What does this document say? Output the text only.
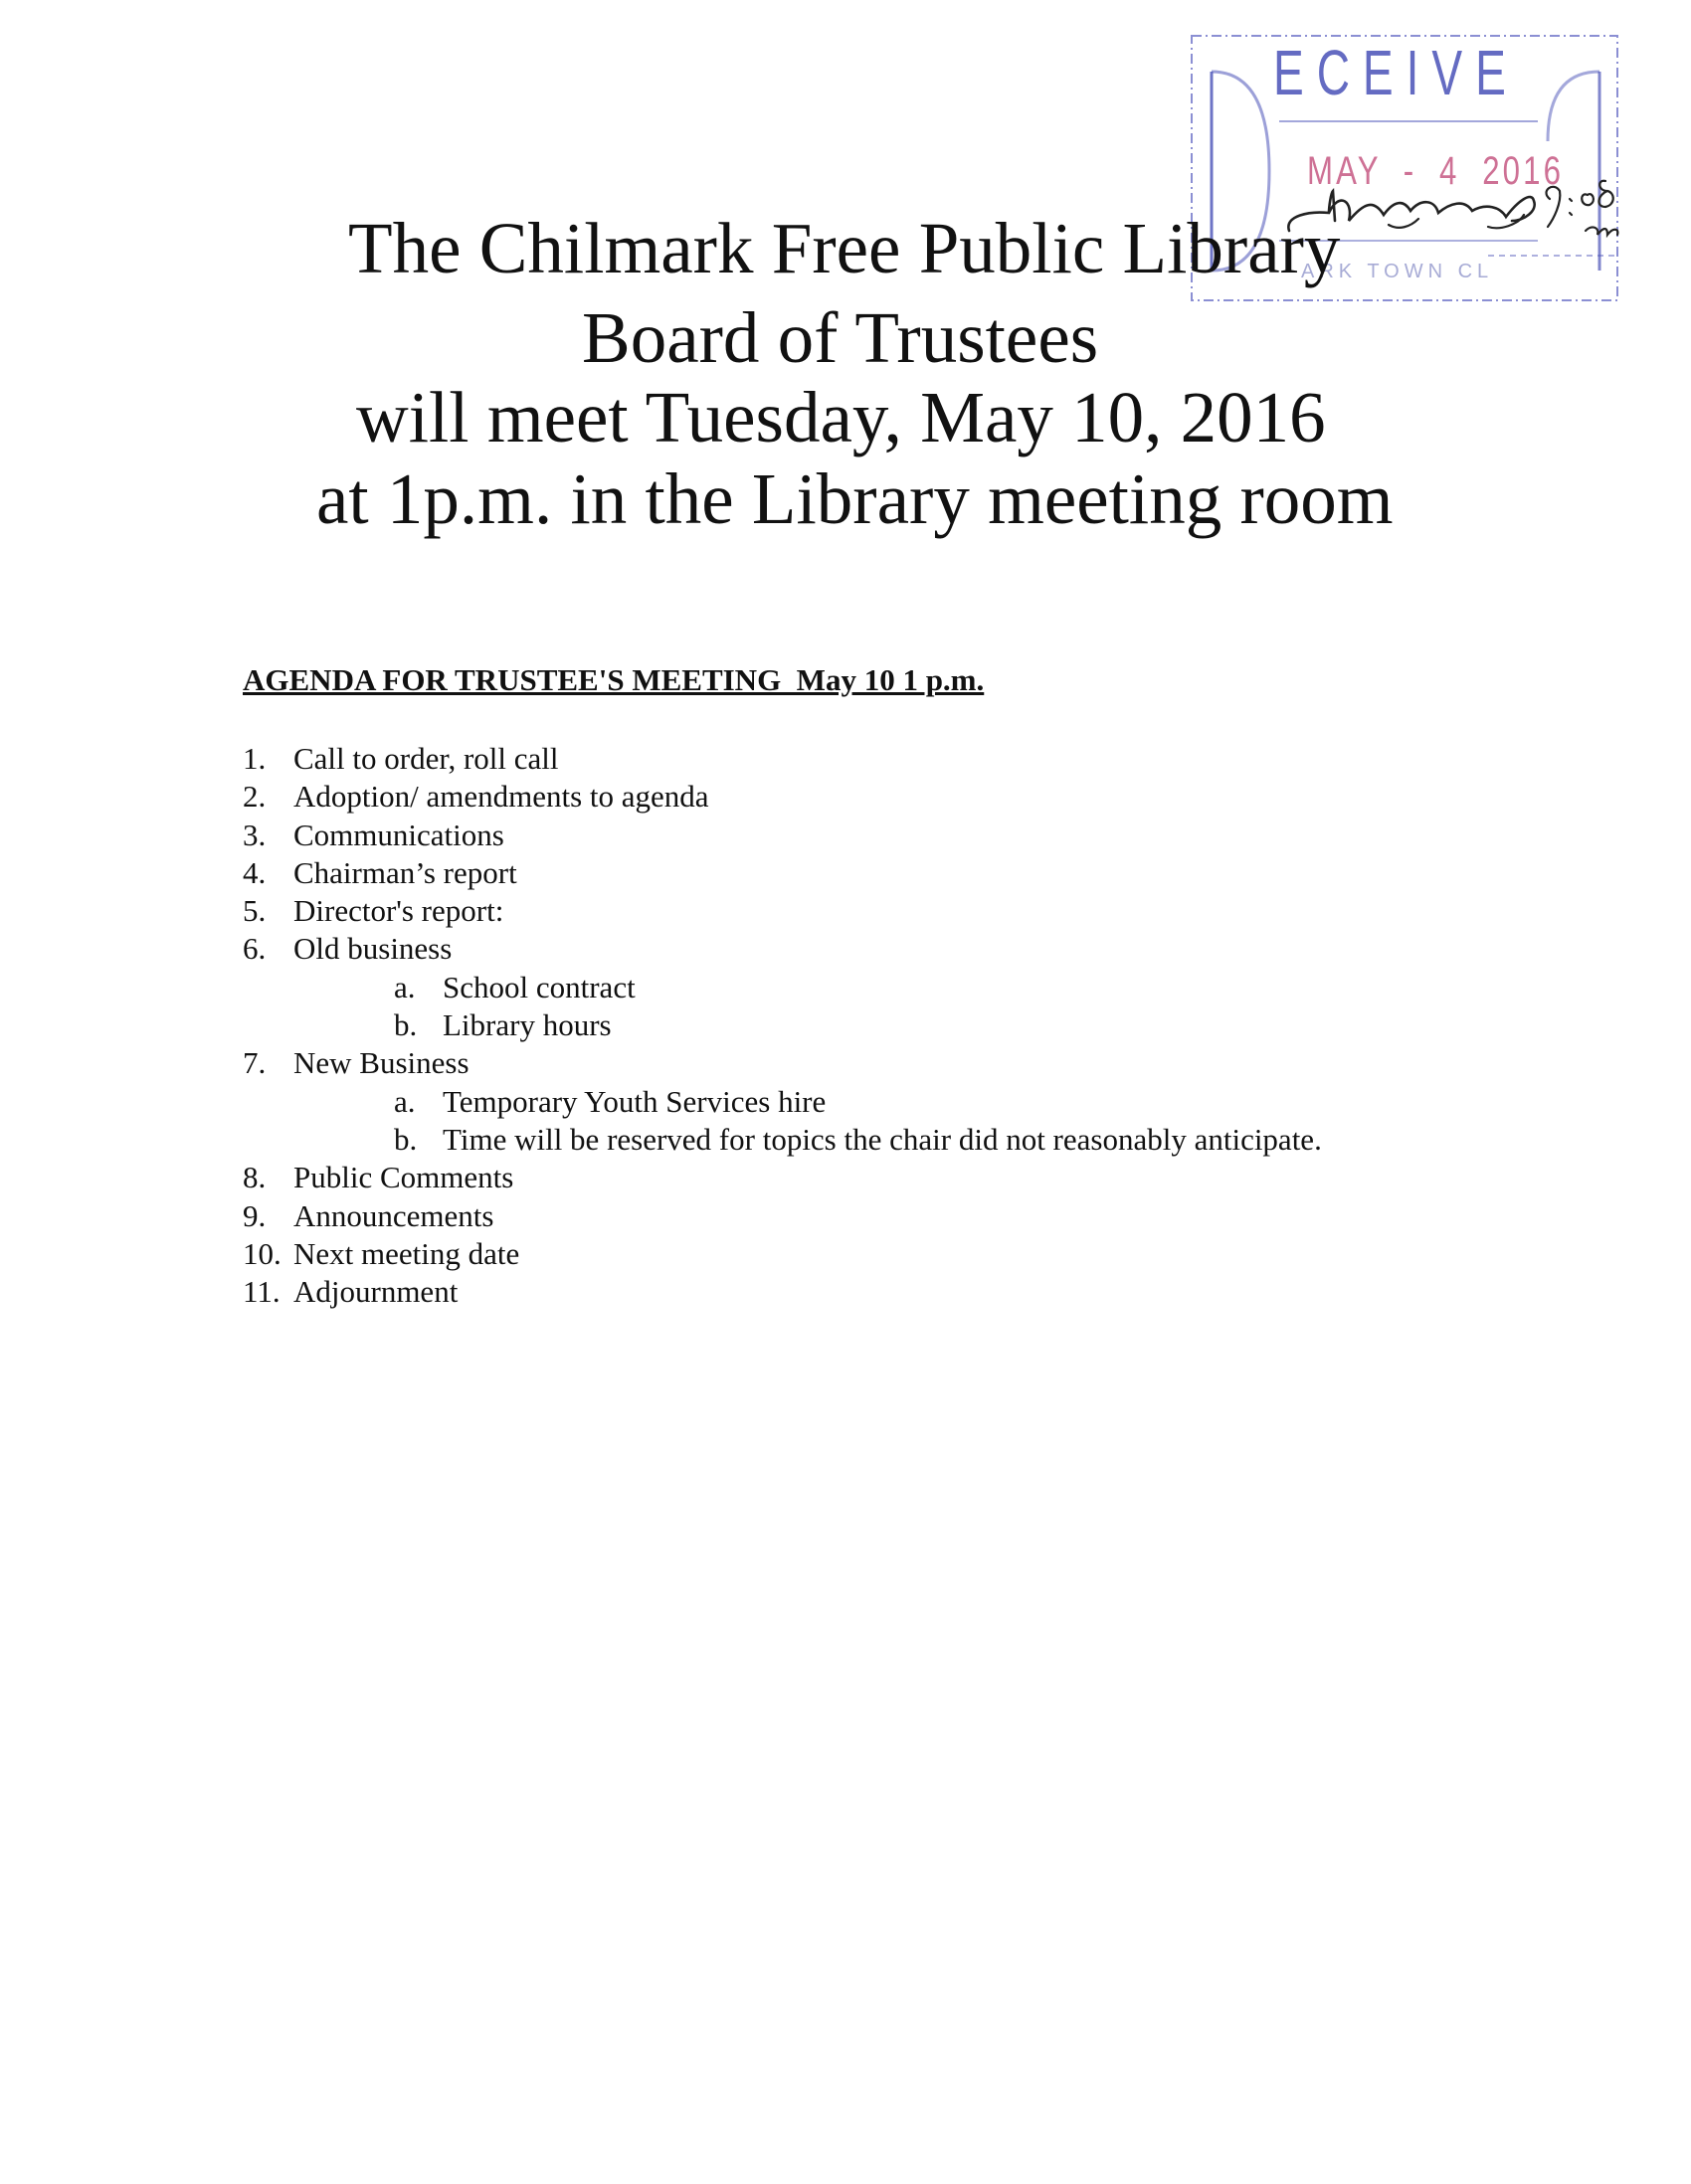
ECEIVE
MAY - 4 2016
ARK TOWN CL
The Chilmark Free Public Library
Board of Trustees
will meet Tuesday, May 10, 2016
at 1p.m. in the Library meeting room
AGENDA FOR TRUSTEE'S MEETING  May 10 1 p.m.
1. Call to order, roll call
2. Adoption/ amendments to agenda
3. Communications
4. Chairman’s report
5. Director's report:
6. Old business
a. School contract
b. Library hours
7. New Business
a. Temporary Youth Services hire
b. Time will be reserved for topics the chair did not reasonably anticipate.
8. Public Comments
9. Announcements
10. Next meeting date
11. Adjournment
